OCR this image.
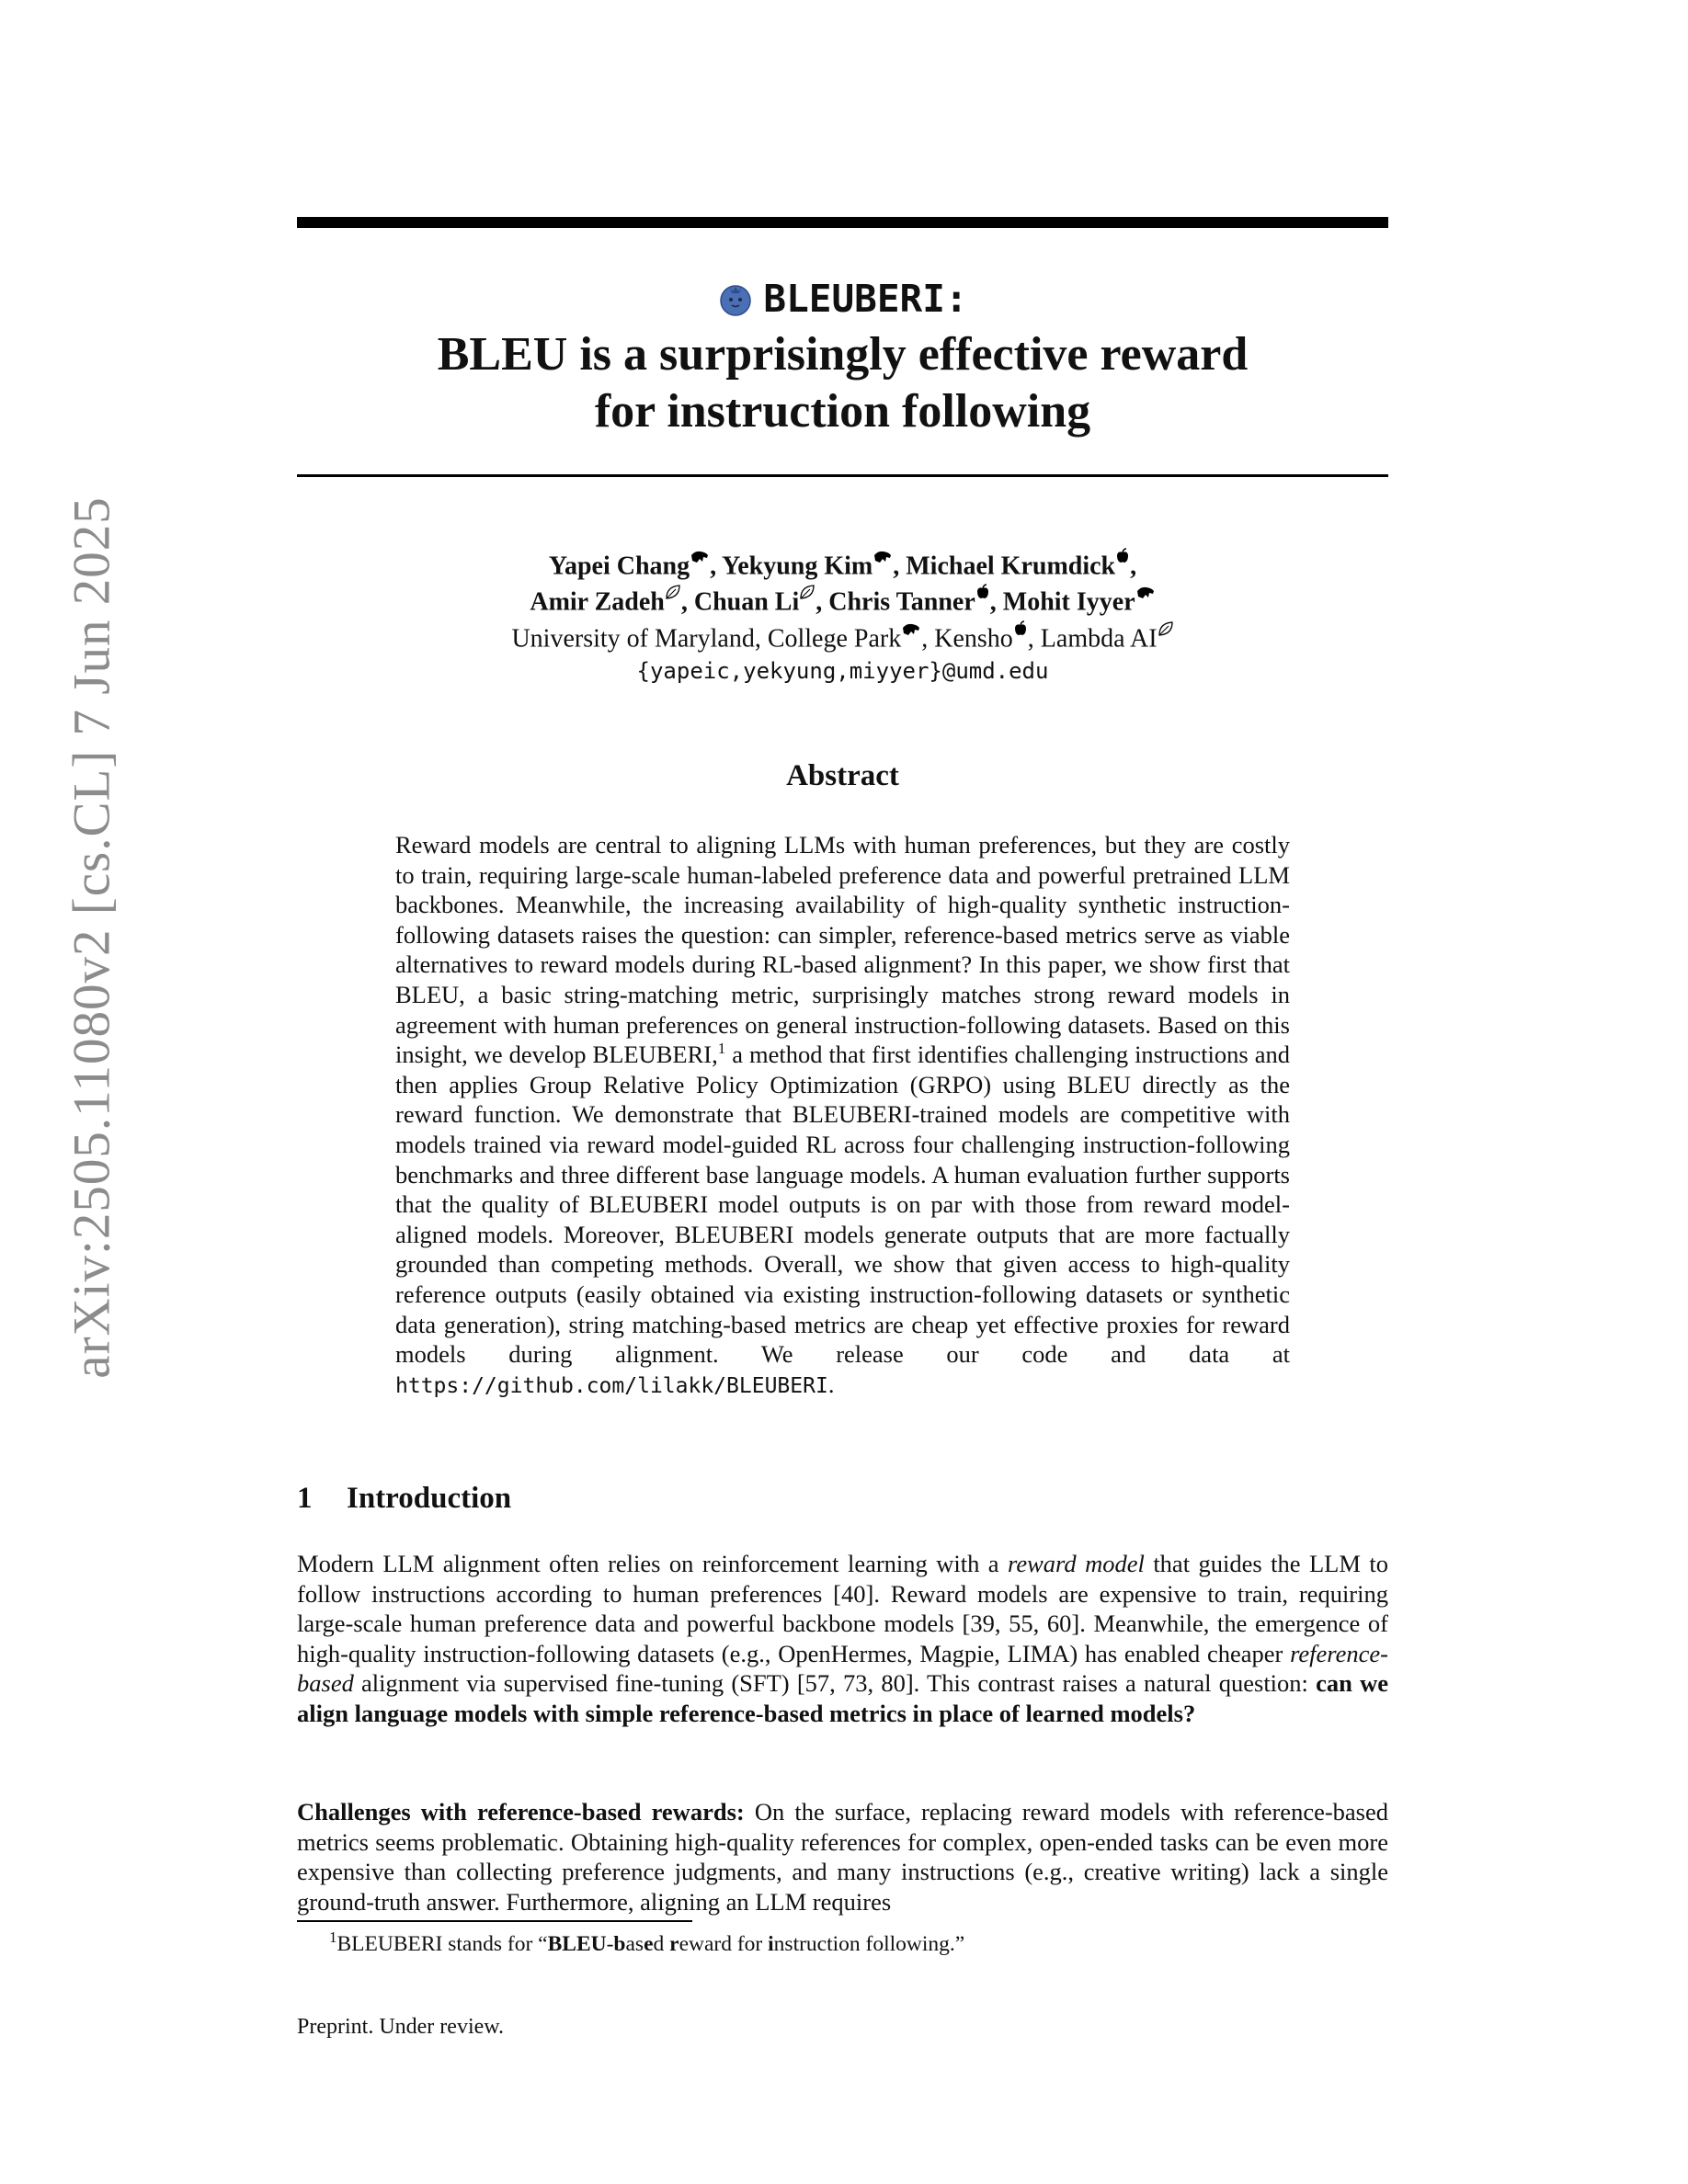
arXiv:2505.11080v2 [cs.CL] 7 Jun 2025
BLEUBERI:
BLEU is a surprisingly effective reward
for instruction following
Yapei Chang , Yekyung Kim , Michael Krumdick ,
Amir Zadeh , Chuan Li , Chris Tanner , Mohit Iyyer
University of Maryland, College Park , Kensho , Lambda AI
{yapeic,yekyung,miyyer}@umd.edu
Abstract
Reward models are central to aligning LLMs with human preferences, but they are costly to train, requiring large-scale human-labeled preference data and powerful pretrained LLM backbones. Meanwhile, the increasing availability of high-quality synthetic instruction-following datasets raises the question: can simpler, reference-based metrics serve as viable alternatives to reward models during RL-based alignment? In this paper, we show first that BLEU, a basic string-matching metric, surprisingly matches strong reward models in agreement with human preferences on general instruction-following datasets. Based on this insight, we develop BLEUBERI,$^1$ a method that first identifies challenging instructions and then applies Group Relative Policy Optimization (GRPO) using BLEU directly as the reward function. We demonstrate that BLEUBERI-trained models are competitive with models trained via reward model-guided RL across four challenging instruction-following benchmarks and three different base language models. A human evaluation further supports that the quality of BLEUBERI model outputs is on par with those from reward model-aligned models. Moreover, BLEUBERI models generate outputs that are more factually grounded than competing methods. Overall, we show that given access to high-quality reference outputs (easily obtained via existing instruction-following datasets or synthetic data generation), string matching-based metrics are cheap yet effective proxies for reward models during alignment. We release our code and data at https://github.com/lilakk/BLEUBERI.
1 Introduction
Modern LLM alignment often relies on reinforcement learning with a reward model that guides the LLM to follow instructions according to human preferences [40]. Reward models are expensive to train, requiring large-scale human preference data and powerful backbone models [39, 55, 60]. Meanwhile, the emergence of high-quality instruction-following datasets (e.g., OpenHermes, Magpie, LIMA) has enabled cheaper reference-based alignment via supervised fine-tuning (SFT) [57, 73, 80]. This contrast raises a natural question: can we align language models with simple reference-based metrics in place of learned models?
Challenges with reference-based rewards: On the surface, replacing reward models with reference-based metrics seems problematic. Obtaining high-quality references for complex, open-ended tasks can be even more expensive than collecting preference judgments, and many instructions (e.g., creative writing) lack a single ground-truth answer. Furthermore, aligning an LLM requires
$^1$BLEUBERI stands for “BLEU-based reward for instruction following.”
Preprint. Under review.
